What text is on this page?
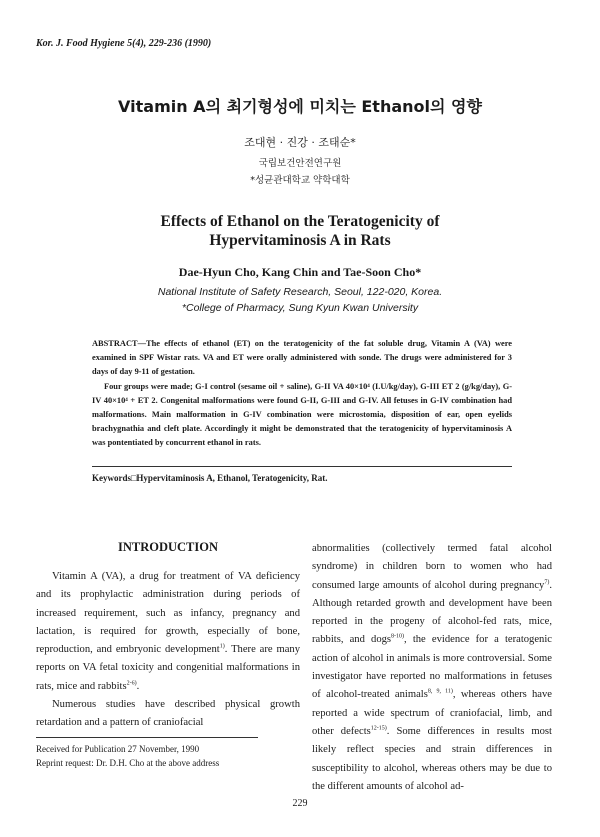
Kor. J. Food Hygiene 5(4), 229-236 (1990)
Vitamin A의 최기형성에 미치는 Ethanol의 영향
조대현 · 진강 · 조태순*
국립보건안전연구원
*성균관대학교 약학대학
Effects of Ethanol on the Teratogenicity of
Hypervitaminosis A in Rats
Dae-Hyun Cho, Kang Chin and Tae-Soon Cho*
National Institute of Safety Research, Seoul, 122-020, Korea.
*College of Pharmacy, Sung Kyun Kwan University

ABSTRACT—The effects of ethanol (ET) on the teratogenicity of the fat soluble drug, Vitamin A (VA) were examined in SPF Wistar rats. VA and ET were orally administered with sonde. The drugs were administered for 3 days of day 9-11 of gestation.

Four groups were made; G-I control (sesame oil + saline), G-II VA 40×10⁴ (I.U/kg/day), G-III ET 2 (g/kg/day), G-IV 40×10⁴ + ET 2. Congenital malformations were found G-II, G-III and G-IV. All fetuses in G-IV combination had malformations. Main malformation in G-IV combination were microstomia, disposition of ear, open eyelids brachygnathia and cleft plate. Accordingly it might be demonstrated that the teratogenicity of hypervitaminosis A was pontentiated by concurrent ethanol in rats.

Keywords□Hypervitaminosis A, Ethanol, Teratogenicity, Rat.

INTRODUCTION

Vitamin A (VA), a drug for treatment of VA deficiency and its prophylactic administration during periods of increased requirement, such as infancy, pregnancy and lactation, is required for growth, especially of bone, reproduction, and embryonic development$^{1)}$. There are many reports on VA fetal toxicity and congenitial malformations in rats, mice and rabbits$^{2-6)}$.

Numerous studies have described physical growth retardation and a pattern of craniofacial

abnormalities (collectively termed fatal alcohol syndrome) in children born to women who had consumed large amounts of alcohol during pregnancy$^{7)}$. Although retarded growth and development have been reported in the progeny of alcohol-fed rats, mice, rabbits, and dogs$^{8-10)}$, the evidence for a teratogenic action of alcohol in animals is more controversial. Some investigator have reported no malformations in fetuses of alcohol-treated animals$^{8, 9, 11)}$, whereas others have reported a wide spectrum of craniofacial, limb, and other defects$^{12-15)}$. Some differences in results most likely reflect species and strain differences in susceptibility to alcohol, whereas others may be due to the different amounts of alcohol ad-

Received for Publication 27 November, 1990

Reprint request: Dr. D.H. Cho at the above address

229
